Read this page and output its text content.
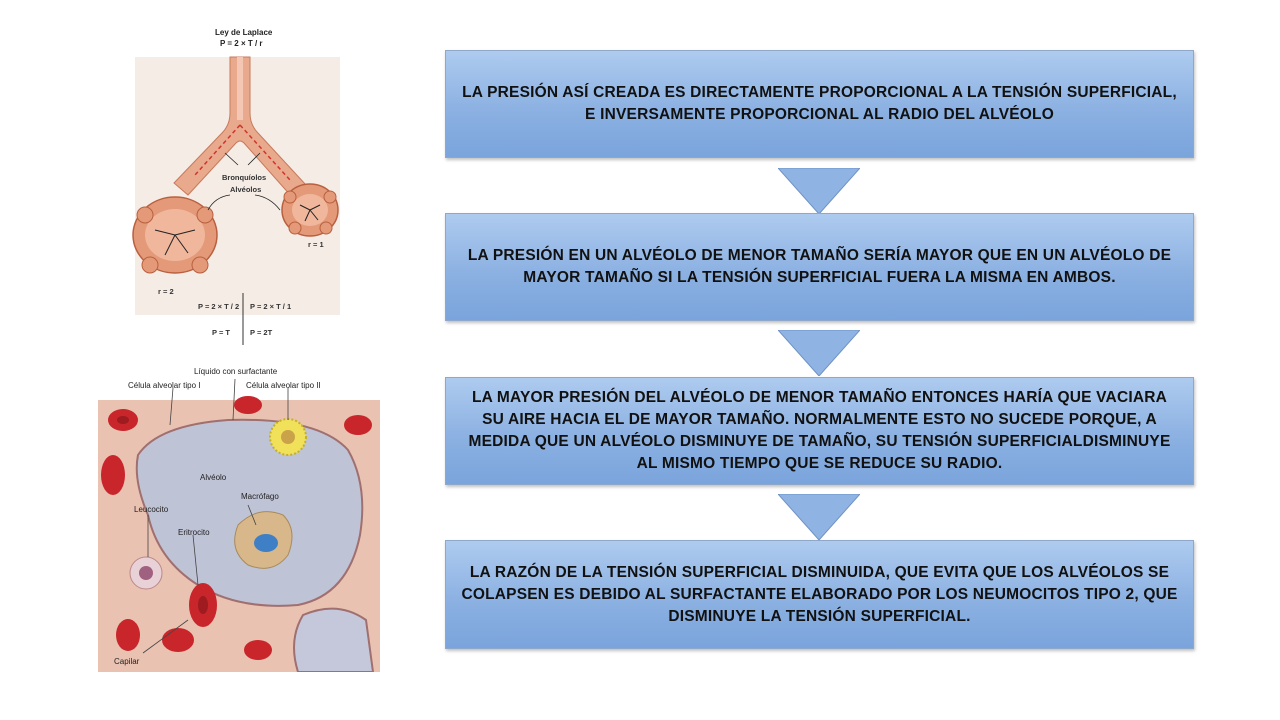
Ley de Laplace
P = 2 × T / r
Bronquíolos
Alvéolos
r = 2
r = 1
P = 2 × T / 2 P = 2 × T / 1
P = T	P = 2T
Líquido con surfactante
Célula alveolar tipo I	Célula alveolar tipo II
Alvéolo
Macrófago
Leucocito
Eritrocito
Capilar
LA PRESIÓN ASÍ CREADA ES DIRECTAMENTE PROPORCIONAL A LA TENSIÓN SUPERFICIAL, E INVERSAMENTE PROPORCIONAL AL RADIO DEL ALVÉOLO
LA PRESIÓN EN UN ALVÉOLO DE MENOR TAMAÑO SERÍA MAYOR QUE EN UN ALVÉOLO DE MAYOR TAMAÑO SI LA TENSIÓN SUPERFICIAL FUERA LA MISMA EN AMBOS.
LA MAYOR PRESIÓN DEL ALVÉOLO DE MENOR TAMAÑO ENTONCES HARÍA QUE VACIARA SU AIRE HACIA EL DE MAYOR TAMAÑO. NORMALMENTE ESTO NO SUCEDE PORQUE, A MEDIDA QUE UN ALVÉOLO DISMINUYE DE TAMAÑO, SU TENSIÓN SUPERFICIALDISMINUYE AL MISMO TIEMPO QUE SE REDUCE SU RADIO.
LA RAZÓN DE LA TENSIÓN SUPERFICIAL DISMINUIDA, QUE EVITA QUE LOS ALVÉOLOS SE COLAPSEN ES DEBIDO AL SURFACTANTE ELABORADO POR LOS NEUMOCITOS TIPO 2, QUE DISMINUYE LA TENSIÓN SUPERFICIAL.
